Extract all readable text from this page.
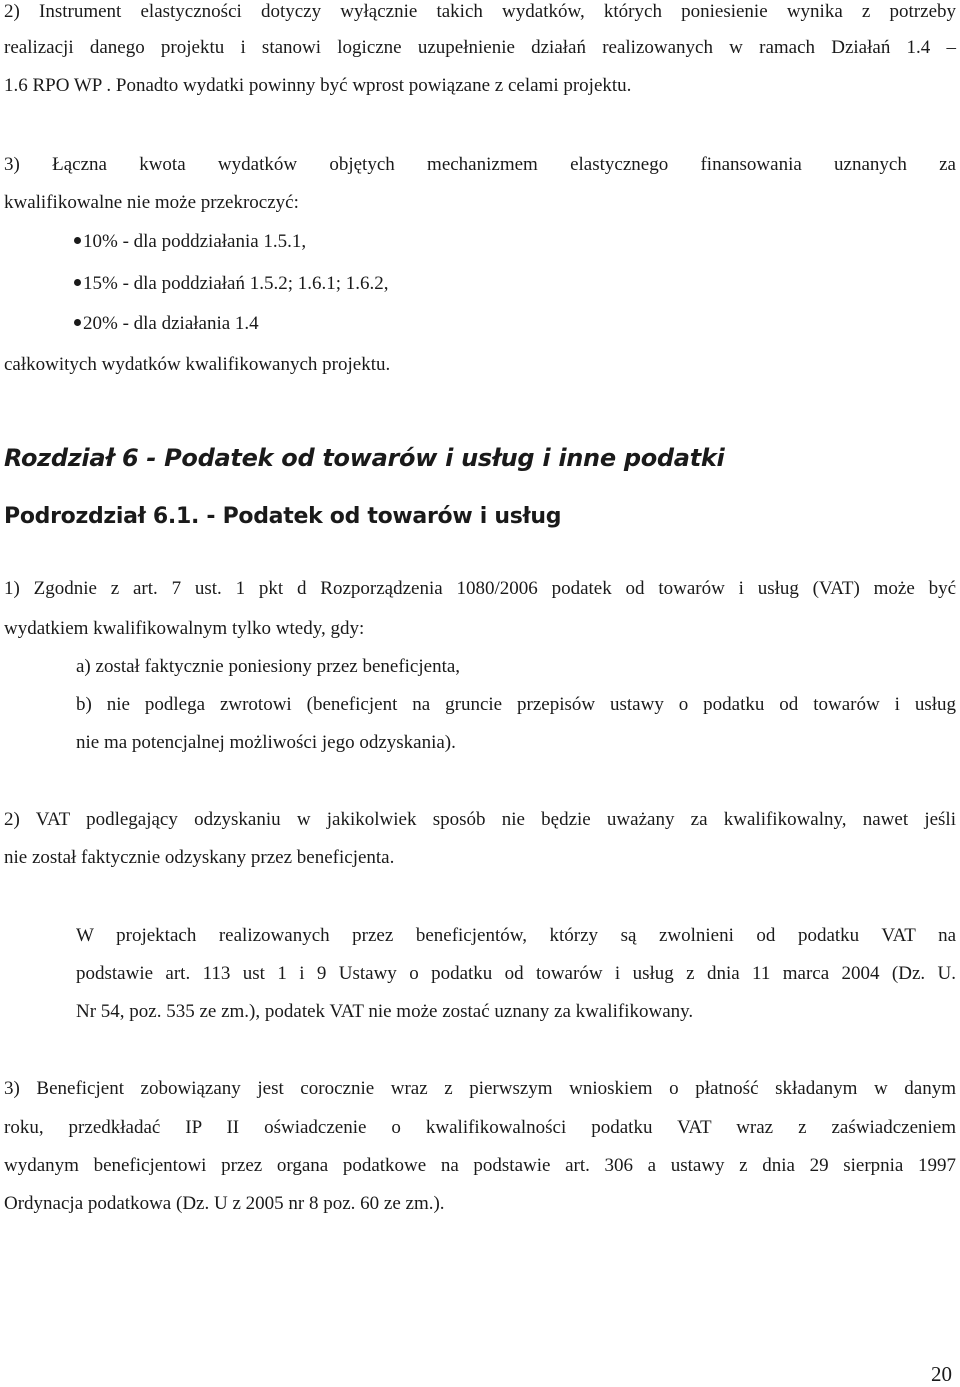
2) Instrument elastyczności dotyczy wyłącznie takich wydatków, których poniesienie wynika z potrzeby
realizacji danego projektu i stanowi logiczne uzupełnienie działań realizowanych w ramach Działań 1.4 –
1.6 RPO WP . Ponadto wydatki powinny być wprost powiązane z celami projektu.
3) Łączna kwota wydatków objętych mechanizmem elastycznego finansowania uznanych za
kwalifikowalne nie może przekroczyć:
10% - dla poddziałania 1.5.1,
15% - dla poddziałań 1.5.2; 1.6.1; 1.6.2,
20% - dla działania 1.4
całkowitych wydatków kwalifikowanych projektu.
Rozdział 6 - Podatek od towarów i usług i inne podatki
Podrozdział 6.1. - Podatek od towarów i usług
1) Zgodnie z art. 7 ust. 1 pkt d Rozporządzenia 1080/2006 podatek od towarów i usług (VAT) może być
wydatkiem kwalifikowalnym tylko wtedy, gdy:
a) został faktycznie poniesiony przez beneficjenta,
b) nie podlega zwrotowi (beneficjent na gruncie przepisów ustawy o podatku od towarów i usług
nie ma potencjalnej możliwości jego odzyskania).
2) VAT podlegający odzyskaniu w jakikolwiek sposób nie będzie uważany za kwalifikowalny, nawet jeśli
nie został faktycznie odzyskany przez beneficjenta.
W projektach realizowanych przez beneficjentów, którzy są zwolnieni od podatku VAT na
podstawie art. 113 ust 1 i 9 Ustawy o podatku od towarów i usług z dnia 11 marca 2004 (Dz. U.
Nr 54, poz. 535 ze zm.), podatek VAT nie może zostać uznany za kwalifikowany.
3) Beneficjent zobowiązany jest corocznie wraz z pierwszym wnioskiem o płatność składanym w danym
roku, przedkładać IP II oświadczenie o kwalifikowalności podatku VAT wraz z zaświadczeniem
wydanym beneficjentowi przez organa podatkowe na podstawie art. 306 a ustawy z dnia 29 sierpnia 1997
Ordynacja podatkowa (Dz. U z 2005 nr 8 poz. 60 ze zm.).
20
